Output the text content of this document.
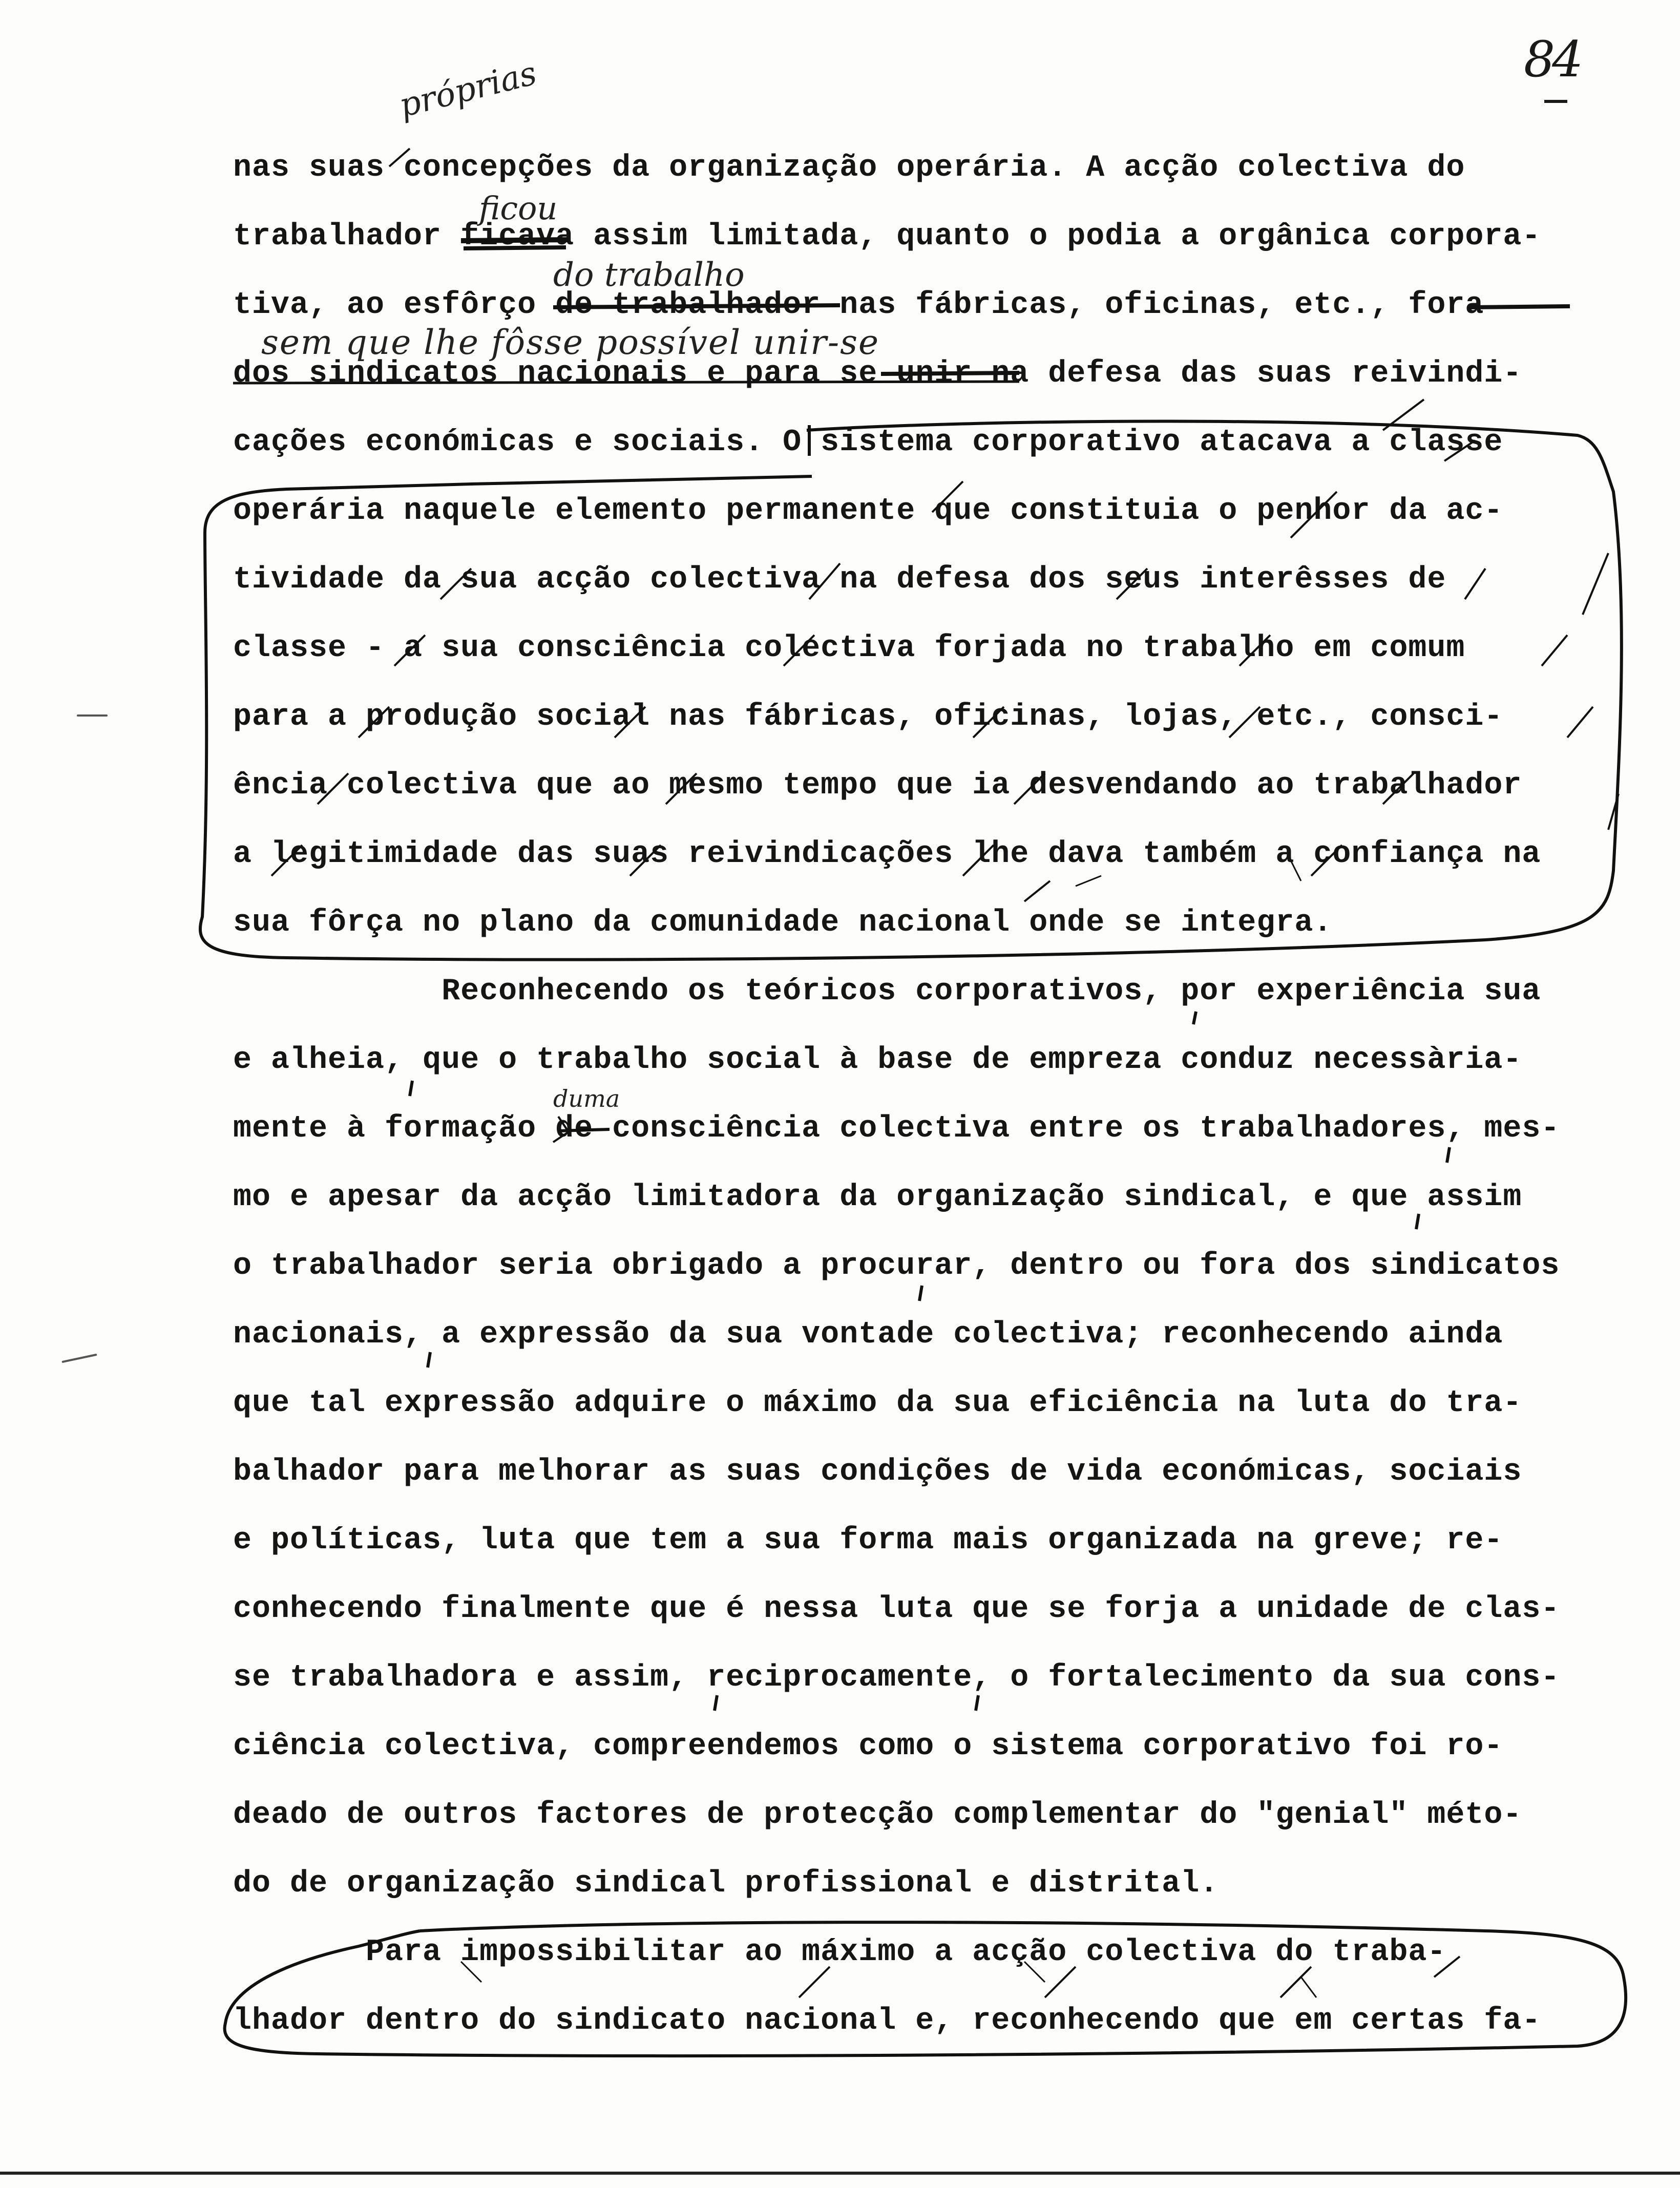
84
próprias
ficou
do trabalho
sem que lhe fôsse possível unir-se
duma
nas suas concepções da organização operária. A acção colectiva do
trabalhador ficava assim limitada, quanto o podia a orgânica corpora-
tiva, ao esfôrço de trabalhador nas fábricas, oficinas, etc., fora
dos sindicatos nacionais e para se unir na defesa das suas reivindi-
cações económicas e sociais. O sistema corporativo atacava a classe
operária naquele elemento permanente que constituia o penhor da ac-
tividade da sua acção colectiva na defesa dos seus interêsses de
classe - a sua consciência colectiva forjada no trabalho em comum
para a produção social nas fábricas, oficinas, lojas, etc., consci-
ência colectiva que ao mesmo tempo que ia desvendando ao trabalhador
a legitimidade das suas reivindicações lhe dava também a confiança na
sua fôrça no plano da comunidade nacional onde se integra.
Reconhecendo os teóricos corporativos, por experiência sua
e alheia, que o trabalho social à base de empreza conduz necessària-
mente à formação de consciência colectiva entre os trabalhadores, mes-
mo e apesar da acção limitadora da organização sindical, e que assim
o trabalhador seria obrigado a procurar, dentro ou fora dos sindicatos
nacionais, a expressão da sua vontade colectiva; reconhecendo ainda
que tal expressão adquire o máximo da sua eficiência na luta do tra-
balhador para melhorar as suas condições de vida económicas, sociais
e políticas, luta que tem a sua forma mais organizada na greve; re-
conhecendo finalmente que é nessa luta que se forja a unidade de clas-
se trabalhadora e assim, reciprocamente, o fortalecimento da sua cons-
ciência colectiva, compreendemos como o sistema corporativo foi ro-
deado de outros factores de protecção complementar do "genial" méto-
do de organização sindical profissional e distrital.
Para impossibilitar ao máximo a acção colectiva do traba-
lhador dentro do sindicato nacional e, reconhecendo que em certas fa-
